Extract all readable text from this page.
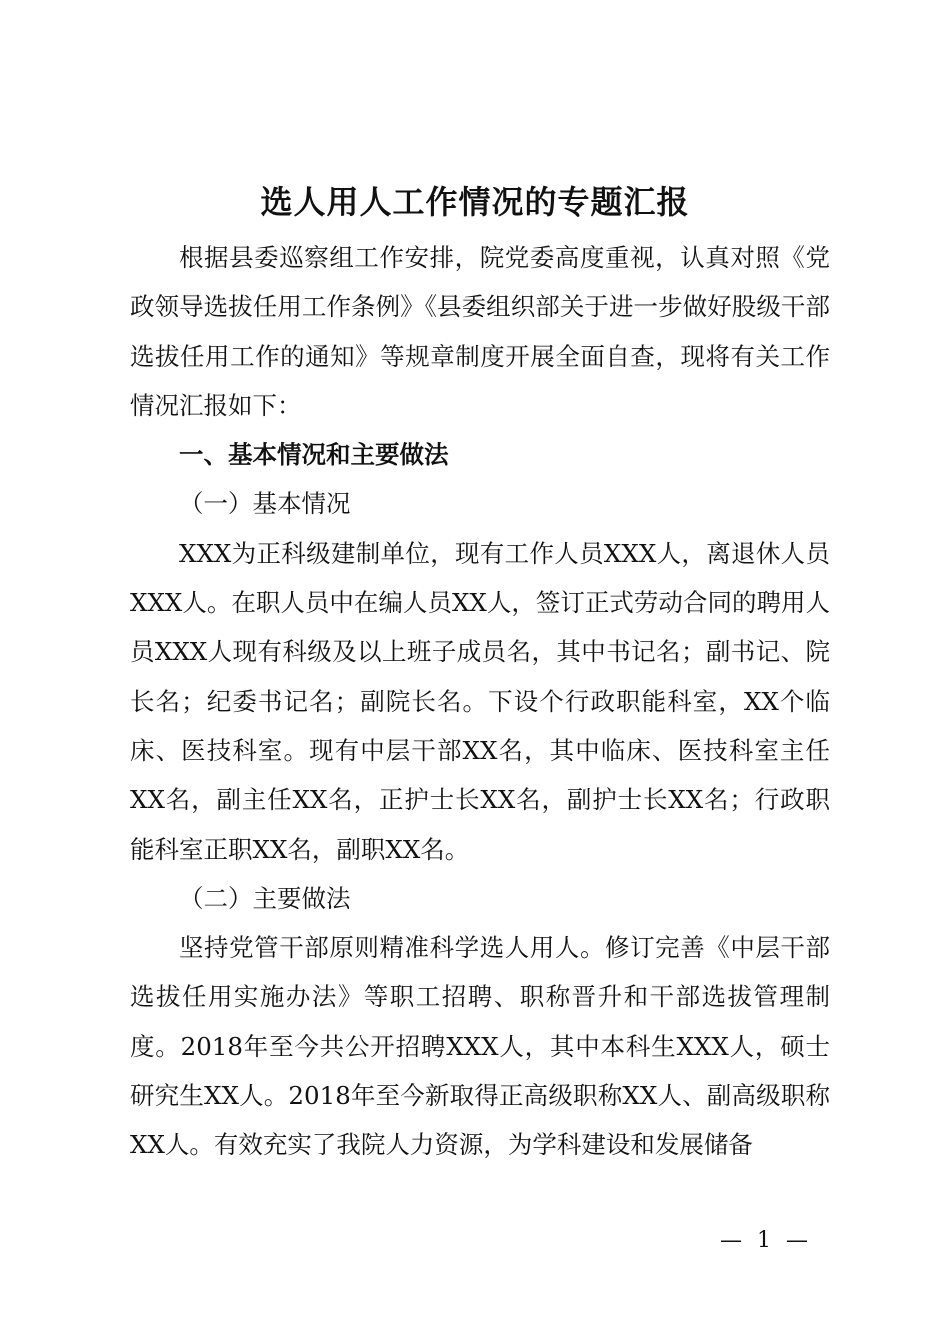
选人用人工作情况的专题汇报

根据县委巡察组工作安排，院党委高度重视，认真对照《党政领导选拔任用工作条例》《县委组织部关于进一步做好股级干部选拔任用工作的通知》等规章制度开展全面自查，现将有关工作情况汇报如下：

一、基本情况和主要做法

（一）基本情况

XXX为正科级建制单位，现有工作人员XXX人，离退休人员XXX人。在职人员中在编人员XX人，签订正式劳动合同的聘用人员XXX人现有科级及以上班子成员名，其中书记名；副书记、院长名；纪委书记名；副院长名。下设个行政职能科室，XX个临床、医技科室。现有中层干部XX名，其中临床、医技科室主任XX名，副主任XX名，正护士长XX名，副护士长XX名；行政职能科室正职XX名，副职XX名。

（二）主要做法

坚持党管干部原则精准科学选人用人。修订完善《中层干部选拔任用实施办法》等职工招聘、职称晋升和干部选拔管理制度。2018年至今共公开招聘XXX人，其中本科生XXX人，硕士研究生XX人。2018年至今新取得正高级职称XX人、副高级职称XX人。有效充实了我院人力资源，为学科建设和发展储备

— 1 —
